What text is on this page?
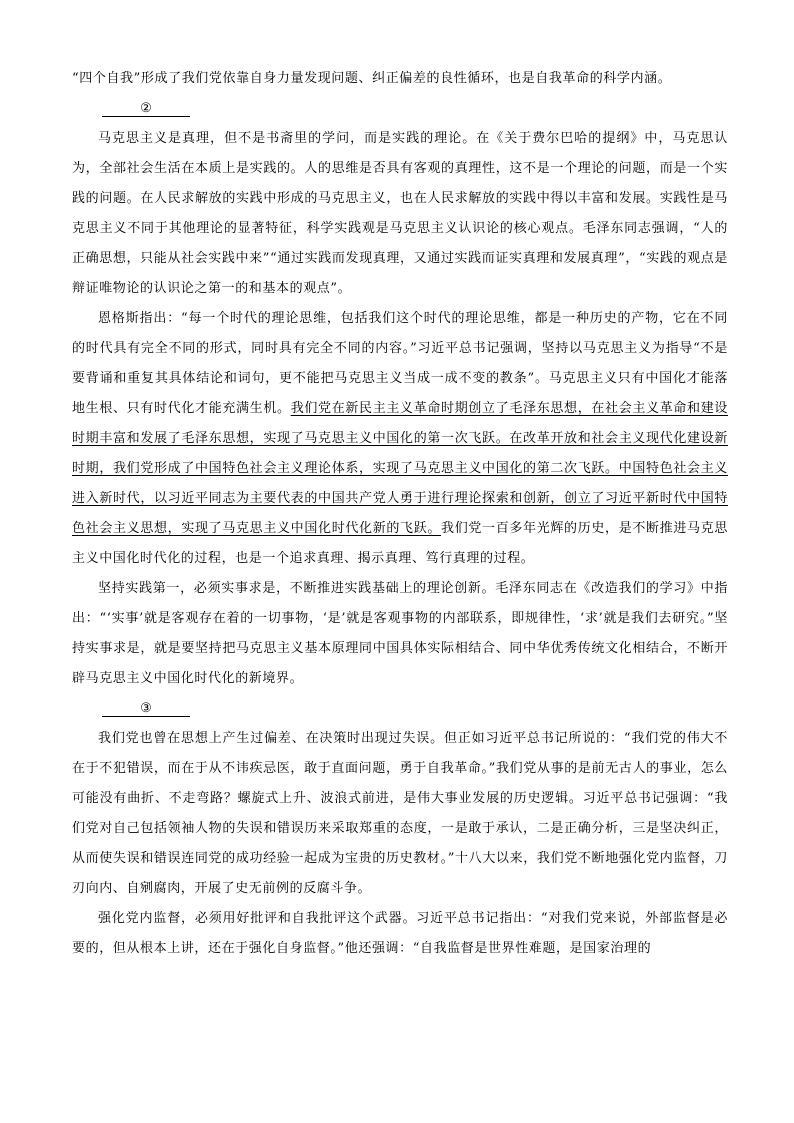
“四个自我”形成了我们党依靠自身力量发现问题、纠正偏差的良性循环，也是自我革命的科学内涵。

②

马克思主义是真理，但不是书斋里的学问，而是实践的理论。在《关于费尔巴哈的提纲》中，马克思认为，全部社会生活在本质上是实践的。人的思维是否具有客观的真理性，这不是一个理论的问题，而是一个实践的问题。在人民求解放的实践中形成的马克思主义，也在人民求解放的实践中得以丰富和发展。实践性是马克思主义不同于其他理论的显著特征，科学实践观是马克思主义认识论的核心观点。毛泽东同志强调，“人的正确思想，只能从社会实践中来”“通过实践而发现真理，又通过实践而证实真理和发展真理”，“实践的观点是辩证唯物论的认识论之第一的和基本的观点”。

恩格斯指出：“每一个时代的理论思维，包括我们这个时代的理论思维，都是一种历史的产物，它在不同的时代具有完全不同的形式，同时具有完全不同的内容。”习近平总书记强调，坚持以马克思主义为指导“不是要背诵和重复其具体结论和词句，更不能把马克思主义当成一成不变的教条”。马克思主义只有中国化才能落地生根、只有时代化才能充满生机。我们党在新民主主义革命时期创立了毛泽东思想，在社会主义革命和建设时期丰富和发展了毛泽东思想，实现了马克思主义中国化的第一次飞跃。在改革开放和社会主义现代化建设新时期，我们党形成了中国特色社会主义理论体系，实现了马克思主义中国化的第二次飞跃。中国特色社会主义进入新时代，以习近平同志为主要代表的中国共产党人勇于进行理论探索和创新，创立了习近平新时代中国特色社会主义思想，实现了马克思主义中国化时代化新的飞跃。我们党一百多年光辉的历史，是不断推进马克思主义中国化时代化的过程，也是一个追求真理、揭示真理、笃行真理的过程。

坚持实践第一，必须实事求是，不断推进实践基础上的理论创新。毛泽东同志在《改造我们的学习》中指出：“‘实事’就是客观存在着的一切事物，‘是’就是客观事物的内部联系，即规律性，‘求’就是我们去研究。”坚持实事求是，就是要坚持把马克思主义基本原理同中国具体实际相结合、同中华优秀传统文化相结合，不断开辟马克思主义中国化时代化的新境界。

③

我们党也曾在思想上产生过偏差、在决策时出现过失误。但正如习近平总书记所说的：“我们党的伟大不在于不犯错误，而在于从不讳疾忌医，敢于直面问题，勇于自我革命。”我们党从事的是前无古人的事业，怎么可能没有曲折、不走弯路？螺旋式上升、波浪式前进，是伟大事业发展的历史逻辑。习近平总书记强调：“我们党对自己包括领袖人物的失误和错误历来采取郑重的态度，一是敢于承认，二是正确分析，三是坚决纠正，从而使失误和错误连同党的成功经验一起成为宝贵的历史教材。”十八大以来，我们党不断地强化党内监督，刀刃向内、自剜腐肉，开展了史无前例的反腐斗争。

强化党内监督，必须用好批评和自我批评这个武器。习近平总书记指出：“对我们党来说，外部监督是必要的，但从根本上讲，还在于强化自身监督。”他还强调：“自我监督是世界性难题，是国家治理的
